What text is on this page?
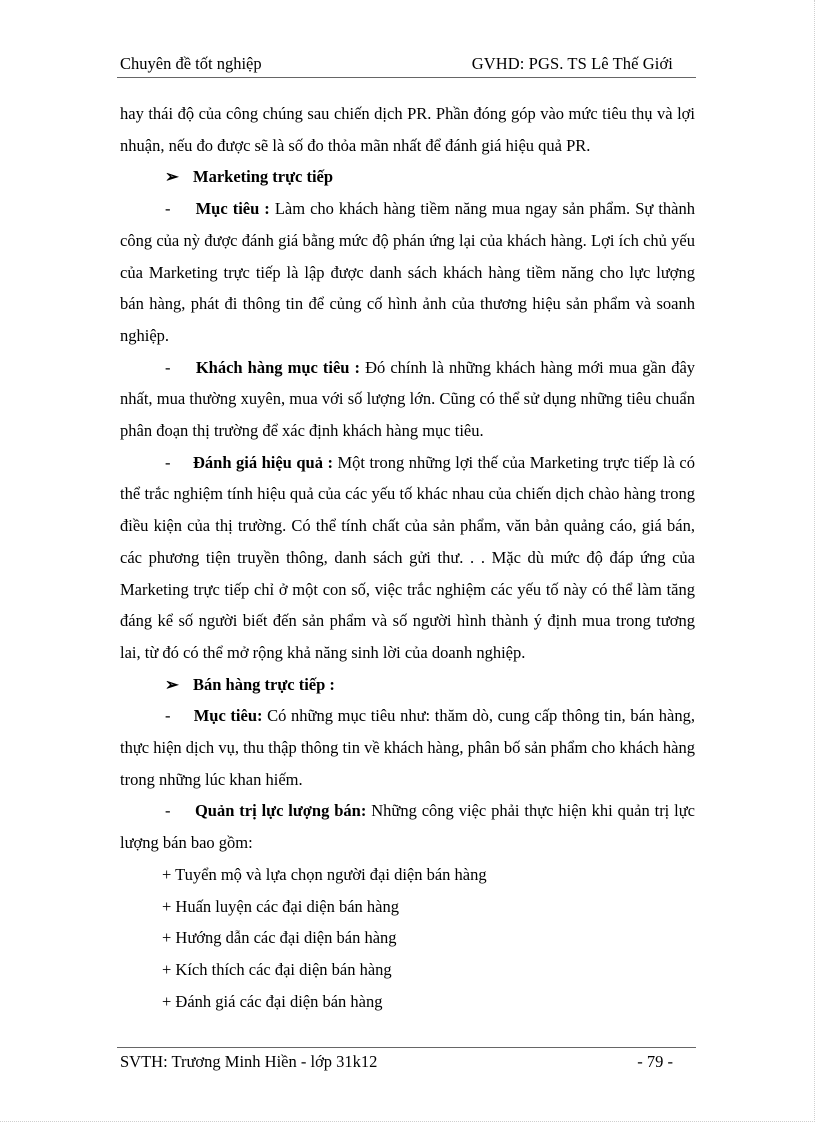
Chuyên đề tốt nghiệp	GVHD: PGS. TS Lê Thế Giới

hay thái độ của công chúng sau chiến dịch PR. Phần đóng góp vào mức tiêu thụ và lợi nhuận, nếu đo được sẽ là số đo thỏa mãn nhất để đánh giá hiệu quả PR.

➢ Marketing trực tiếp

- Mục tiêu : Làm cho khách hàng tiềm năng mua ngay sản phẩm. Sự thành công của nỳ được đánh giá bằng mức độ phán ứng lại của khách hàng. Lợi ích chủ yếu của Marketing trực tiếp là lập được danh sách khách hàng tiềm năng cho lực lượng bán hàng, phát đi thông tin để củng cố hình ảnh của thương hiệu sản phẩm và soanh nghiệp.

- Khách hàng mục tiêu : Đó chính là những khách hàng mới mua gần đây nhất, mua thường xuyên, mua với số lượng lớn. Cũng có thể sử dụng những tiêu chuẩn phân đoạn thị trường để xác định khách hàng mục tiêu.

- Đánh giá hiệu quả : Một trong những lợi thế của Marketing trực tiếp là có thể trắc nghiệm tính hiệu quả của các yếu tố khác nhau của chiến dịch chào hàng trong điều kiện của thị trường. Có thể tính chất của sản phẩm, văn bản quảng cáo, giá bán, các phương tiện truyền thông, danh sách gửi thư. . . Mặc dù mức độ đáp ứng của Marketing trực tiếp chỉ ở một con số, việc trắc nghiệm các yếu tố này có thể làm tăng đáng kể số người biết đến sản phẩm và số người hình thành ý định mua trong tương lai, từ đó có thể mở rộng khả năng sinh lời của doanh nghiệp.

➢ Bán hàng trực tiếp :

- Mục tiêu: Có những mục tiêu như: thăm dò, cung cấp thông tin, bán hàng, thực hiện dịch vụ, thu thập thông tin về khách hàng, phân bố sản phẩm cho khách hàng trong những lúc khan hiếm.

- Quản trị lực lượng bán: Những công việc phải thực hiện khi quản trị lực lượng bán bao gồm:

+ Tuyển mộ và lựa chọn người đại diện bán hàng

+ Huấn luyện các đại diện bán hàng

+ Hướng dẫn các đại diện bán hàng

+ Kích thích các đại diện bán hàng

+ Đánh giá các đại diện bán hàng

SVTH: Trương Minh Hiền - lớp 31k12	- 79 -
